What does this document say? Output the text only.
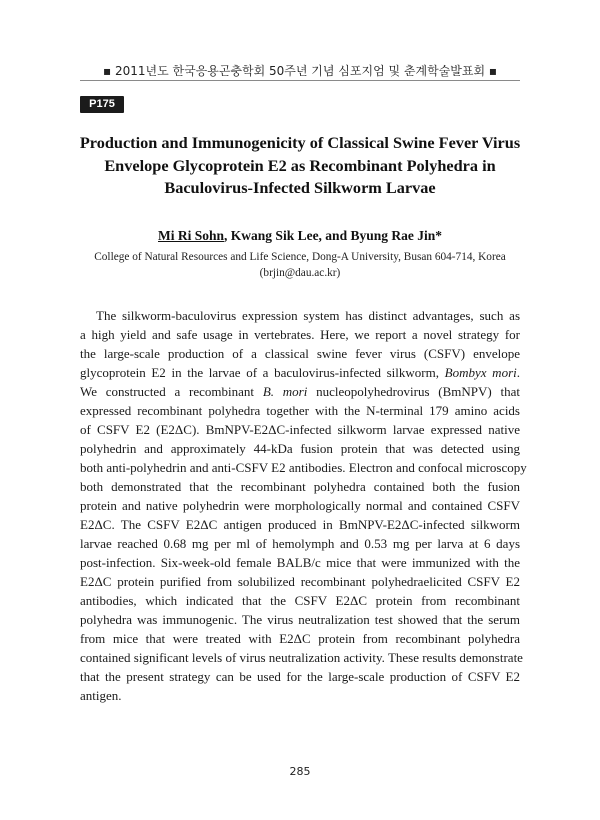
▪ 2011년도 한국응용곤충학회 50주년 기념 심포지엄 및 춘계학술발표회 ▪
P175
Production and Immunogenicity of Classical Swine Fever Virus
Envelope Glycoprotein E2 as Recombinant Polyhedra in
Baculovirus-Infected Silkworm Larvae
Mi Ri Sohn, Kwang Sik Lee, and Byung Rae Jin*
College of Natural Resources and Life Science, Dong-A University, Busan 604-714, Korea
(brjin@dau.ac.kr)
The silkworm-baculovirus expression system has distinct advantages, such as
a high yield and safe usage in vertebrates. Here, we report a novel strategy for
the large-scale production of a classical swine fever virus (CSFV) envelope
glycoprotein E2 in the larvae of a baculovirus-infected silkworm, Bombyx mori.
We constructed a recombinant B. mori nucleopolyhedrovirus (BmNPV) that
expressed recombinant polyhedra together with the N-terminal 179 amino acids
of CSFV E2 (E2ΔC). BmNPV-E2ΔC-infected silkworm larvae expressed native
polyhedrin and approximately 44-kDa fusion protein that was detected using
both anti-polyhedrin and anti-CSFV E2 antibodies. Electron and confocal microscopy
both demonstrated that the recombinant polyhedra contained both the fusion
protein and native polyhedrin were morphologically normal and contained CSFV
E2ΔC. The CSFV E2ΔC antigen produced in BmNPV-E2ΔC-infected silkworm
larvae reached 0.68 mg per ml of hemolymph and 0.53 mg per larva at 6 days
post-infection. Six-week-old female BALB/c mice that were immunized with the
E2ΔC protein purified from solubilized recombinant polyhedraelicited CSFV E2
antibodies, which indicated that the CSFV E2ΔC protein from recombinant
polyhedra was immunogenic. The virus neutralization test showed that the serum
from mice that were treated with E2ΔC protein from recombinant polyhedra
contained significant levels of virus neutralization activity. These results demonstrate
that the present strategy can be used for the large-scale production of CSFV E2
antigen.
285
